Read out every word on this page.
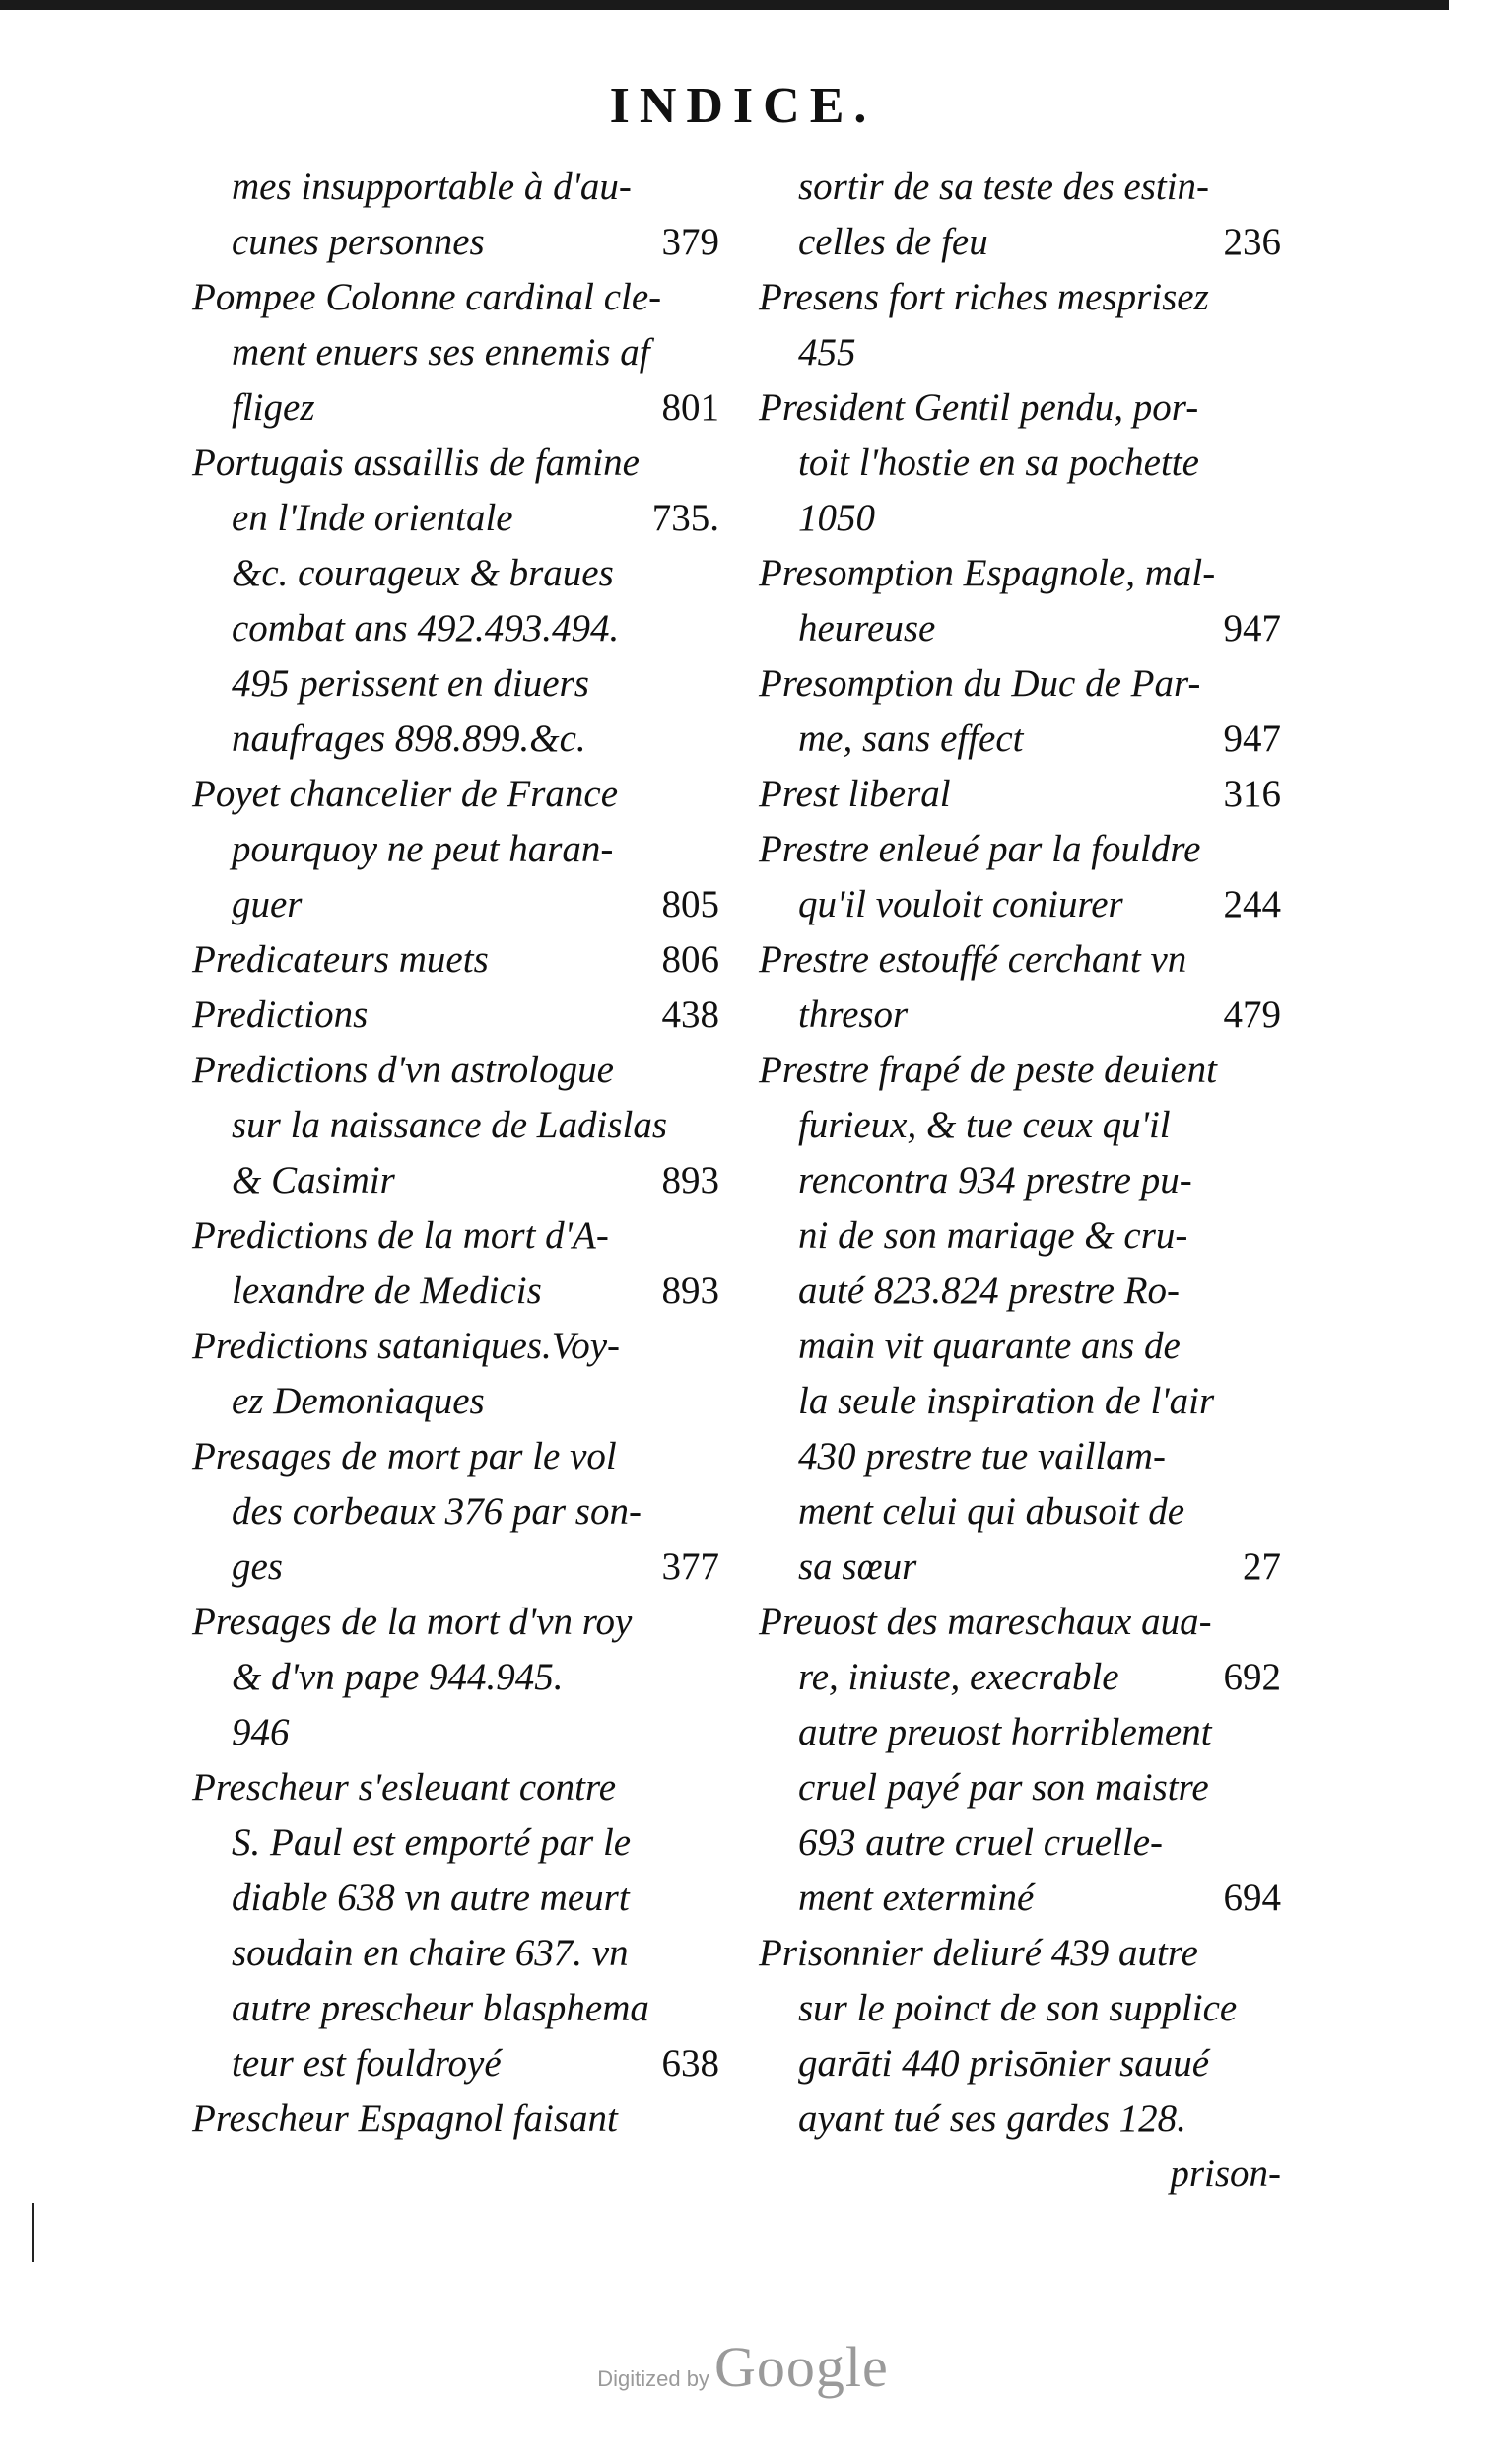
INDICE.
mes insupportable à d'au-
cunes personnes	379
Pompee Colonne cardinal cle-
ment enuers ses ennemis af
fligez	801
Portugais assaillis de famine
en l'Inde orientale	735.
&c. courageux & braues
combat ans 492.493.494.
495 perissent en diuers
naufrages 898.899.&c.
Poyet chancelier de France
pourquoy ne peut haran-
guer	805
Predicateurs muets	806
Predictions	438
Predictions d'vn astrologue
sur la naissance de Ladislas
& Casimir	893
Predictions de la mort d'A-
lexandre de Medicis	893
Predictions sataniques.Voy-
ez Demoniaques
Presages de mort par le vol
des corbeaux 376 par son-
ges	377
Presages de la mort d'vn roy
& d'vn pape 944.945.
946
Prescheur s'esleuant contre
S. Paul est emporté par le
diable 638 vn autre meurt
soudain en chaire 637. vn
autre prescheur blasphema
teur est fouldroyé	638
Prescheur Espagnol faisant
sortir de sa teste des estin-
celles de feu	236
Presens fort riches mesprisez
455
President Gentil pendu, por-
toit l'hostie en sa pochette
1050
Presomption Espagnole, mal-
heureuse	947
Presomption du Duc de Par-
me, sans effect	947
Prest liberal	316
Prestre enleué par la fouldre
qu'il vouloit coniurer	244
Prestre estouffé cerchant vn
thresor	479
Prestre frapé de peste deuient
furieux, & tue ceux qu'il
rencontra 934 prestre pu-
ni de son mariage & cru-
auté 823.824 prestre Ro-
main vit quarante ans de
la seule inspiration de l'air
430 prestre tue vaillam-
ment celui qui abusoit de
sa sœur	27
Preuost des mareschaux aua-
re, iniuste, execrable	692
autre preuost horriblement
cruel payé par son maistre
693 autre cruel cruelle-
ment exterminé	694
Prisonnier deliuré 439 autre
sur le poinct de son supplice
garāti 440 prisōnier sauué
ayant tué ses gardes 128.
prison-
Digitized by Google
